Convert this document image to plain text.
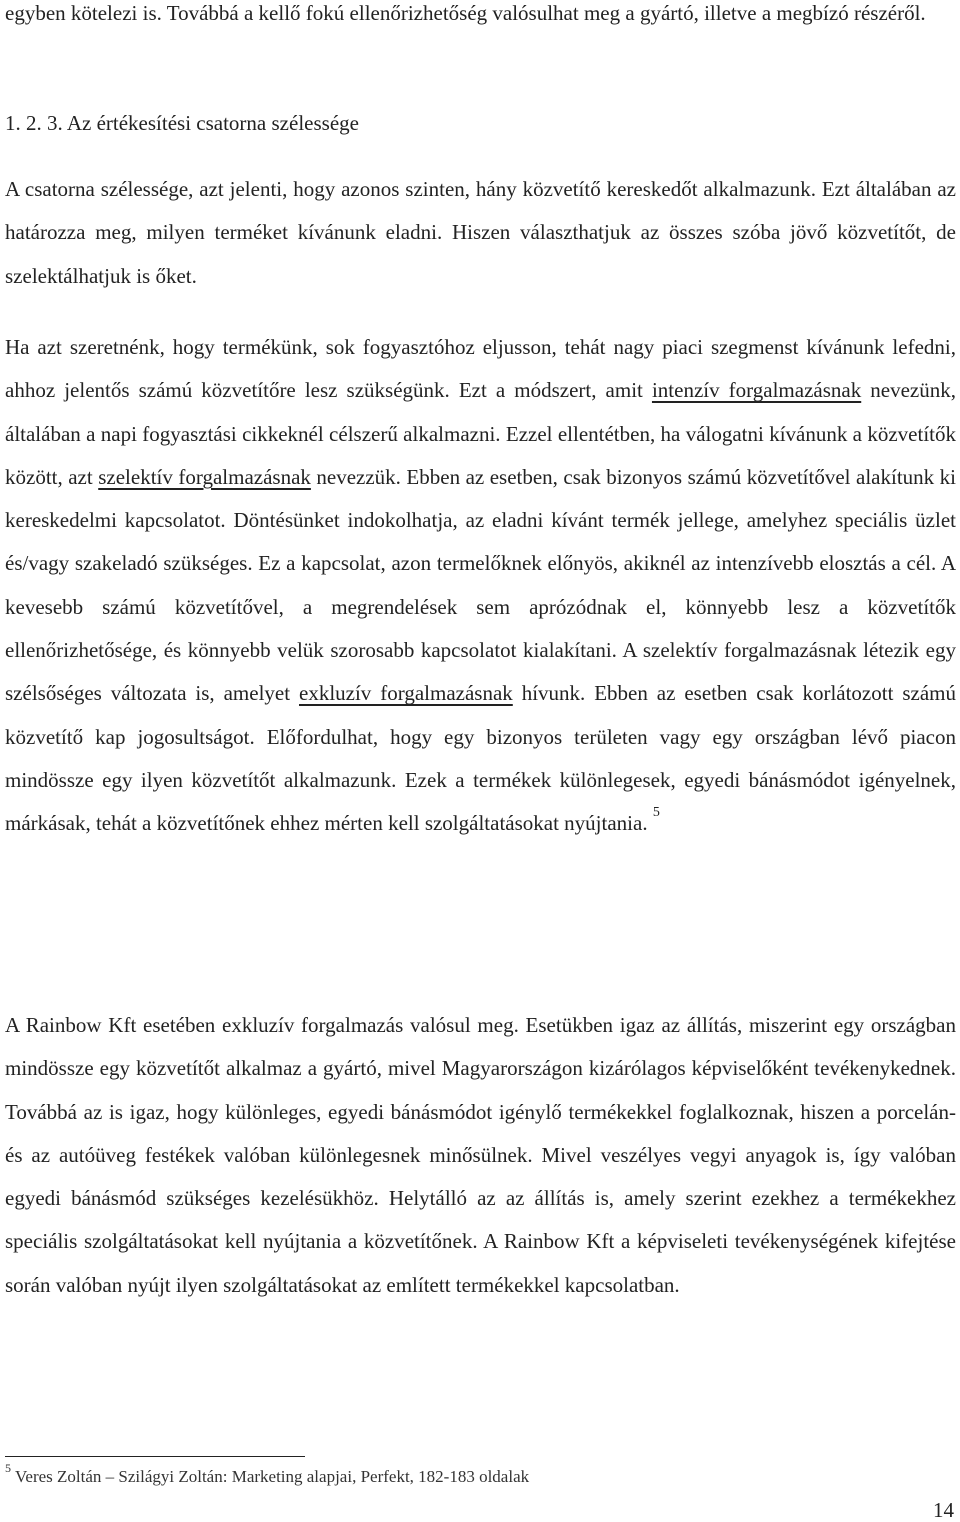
egyben kötelezi is. Továbbá a kellő fokú ellenőrizhetőség valósulhat meg a gyártó, illetve a megbízó részéről.

1. 2. 3. Az értékesítési csatorna szélessége

A csatorna szélessége, azt jelenti, hogy azonos szinten, hány közvetítő kereskedőt alkalmazunk. Ezt általában az határozza meg, milyen terméket kívánunk eladni. Hiszen választhatjuk az összes szóba jövő közvetítőt, de szelektálhatjuk is őket.

Ha azt szeretnénk, hogy termékünk, sok fogyasztóhoz eljusson, tehát nagy piaci szegmenst kívánunk lefedni, ahhoz jelentős számú közvetítőre lesz szükségünk. Ezt a módszert, amit intenzív forgalmazásnak nevezünk, általában a napi fogyasztási cikkeknél célszerű alkalmazni. Ezzel ellentétben, ha válogatni kívánunk a közvetítők között, azt szelektív forgalmazásnak nevezzük. Ebben az esetben, csak bizonyos számú közvetítővel alakítunk ki kereskedelmi kapcsolatot. Döntésünket indokolhatja, az eladni kívánt termék jellege, amelyhez speciális üzlet és/vagy szakeladó szükséges. Ez a kapcsolat, azon termelőknek előnyös, akiknél az intenzívebb elosztás a cél. A kevesebb számú közvetítővel, a megrendelések sem aprózódnak el, könnyebb lesz a közvetítők ellenőrizhetősége, és könnyebb velük szorosabb kapcsolatot kialakítani. A szelektív forgalmazásnak létezik egy szélsőséges változata is, amelyet exkluzív forgalmazásnak hívunk. Ebben az esetben csak korlátozott számú közvetítő kap jogosultságot. Előfordulhat, hogy egy bizonyos területen vagy egy országban lévő piacon mindössze egy ilyen közvetítőt alkalmazunk. Ezek a termékek különlegesek, egyedi bánásmódot igényelnek, márkásak, tehát a közvetítőnek ehhez mérten kell szolgáltatásokat nyújtania. $^5$

A Rainbow Kft esetében exkluzív forgalmazás valósul meg. Esetükben igaz az állítás, miszerint egy országban mindössze egy közvetítőt alkalmaz a gyártó, mivel Magyarországon kizárólagos képviselőként tevékenykednek. Továbbá az is igaz, hogy különleges, egyedi bánásmódot igénylő termékekkel foglalkoznak, hiszen a porcelán- és az autóüveg festékek valóban különlegesnek minősülnek. Mivel veszélyes vegyi anyagok is, így valóban egyedi bánásmód szükséges kezelésükhöz. Helytálló az az állítás is, amely szerint ezekhez a termékekhez speciális szolgáltatásokat kell nyújtania a közvetítőnek. A Rainbow Kft a képviseleti tevékenységének kifejtése során valóban nyújt ilyen szolgáltatásokat az említett termékekkel kapcsolatban.

$^5$ Veres Zoltán – Szilágyi Zoltán: Marketing alapjai, Perfekt, 182-183 oldalak
14
